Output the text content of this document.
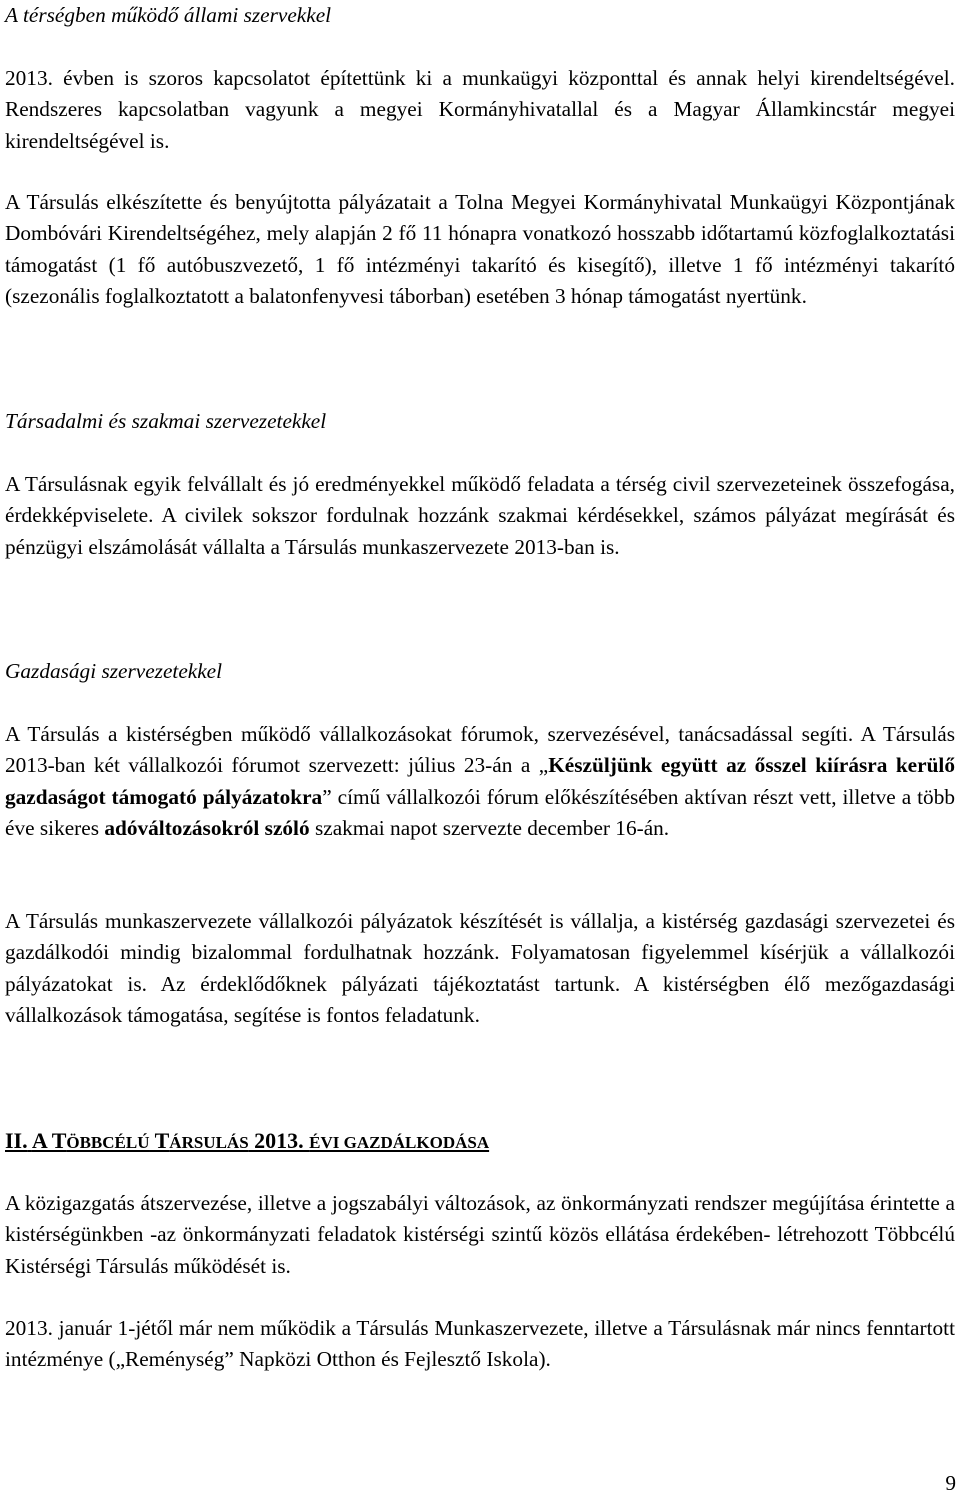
A térségben működő állami szervekkel

2013. évben is szoros kapcsolatot építettünk ki a munkaügyi központtal és annak helyi kirendeltségével. Rendszeres kapcsolatban vagyunk a megyei Kormányhivatallal és a Magyar Államkincstár megyei kirendeltségével is.

A Társulás elkészítette és benyújtotta pályázatait a Tolna Megyei Kormányhivatal Munkaügyi Központjának Dombóvári Kirendeltségéhez, mely alapján 2 fő 11 hónapra vonatkozó hosszabb időtartamú közfoglalkoztatási támogatást (1 fő autóbuszvezető, 1 fő intézményi takarító és kisegítő), illetve 1 fő intézményi takarító (szezonális foglalkoztatott a balatonfenyvesi táborban) esetében 3 hónap támogatást nyertünk.

Társadalmi és szakmai szervezetekkel

A Társulásnak egyik felvállalt és jó eredményekkel működő feladata a térség civil szervezeteinek összefogása, érdekképviselete. A civilek sokszor fordulnak hozzánk szakmai kérdésekkel, számos pályázat megírását és pénzügyi elszámolását vállalta a Társulás munkaszervezete 2013-ban is.

Gazdasági szervezetekkel

A Társulás a kistérségben működő vállalkozásokat fórumok, szervezésével, tanácsadással segíti. A Társulás 2013-ban két vállalkozói fórumot szervezett: július 23-án a „Készüljünk együtt az ősszel kiírásra kerülő gazdaságot támogató pályázatokra” című vállalkozói fórum előkészítésében aktívan részt vett, illetve a több éve sikeres adóváltozásokról szóló szakmai napot szervezte december 16-án.

A Társulás munkaszervezete vállalkozói pályázatok készítését is vállalja, a kistérség gazdasági szervezetei és gazdálkodói mindig bizalommal fordulhatnak hozzánk. Folyamatosan figyelemmel kísérjük a vállalkozói pályázatokat is. Az érdeklődőknek pályázati tájékoztatást tartunk. A kistérségben élő mezőgazdasági vállalkozások támogatása, segítése is fontos feladatunk.

II. A TÖBBCÉLÚ TÁRSULÁS 2013. ÉVI GAZDÁLKODÁSA

A közigazgatás átszervezése, illetve a jogszabályi változások, az önkormányzati rendszer megújítása érintette a kistérségünkben -az önkormányzati feladatok kistérségi szintű közös ellátása érdekében- létrehozott Többcélú Kistérségi Társulás működését is.

2013. január 1-jétől már nem működik a Társulás Munkaszervezete, illetve a Társulásnak már nincs fenntartott intézménye („Reménység” Napközi Otthon és Fejlesztő Iskola).

9
